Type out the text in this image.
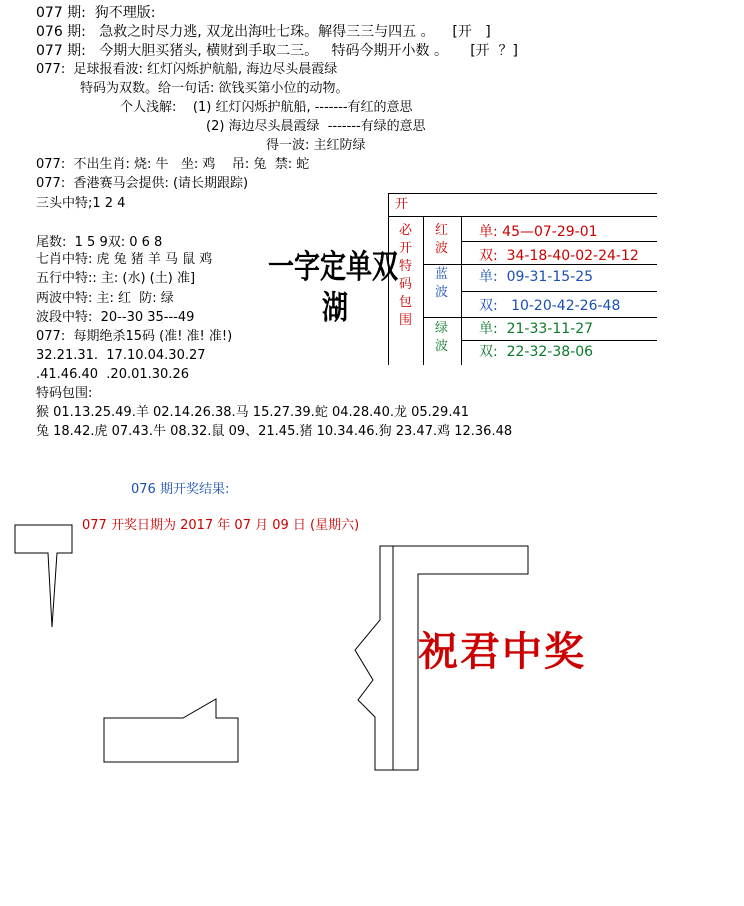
077 期:  狗不理版:
076 期:   急救之时尽力逃, 双龙出海吐七珠。解得三三与四五 。    [开   ]
077 期:   今期大胆买猪头, 横财到手取二三。   特码今期开小数 。     [开  ？]
077:  足球报看波: 红灯闪烁护航船, 海边尽头晨霞绿
特码为双数。给一句话: 欲钱买第小位的动物。
个人浅解:    (1) 红灯闪烁护航船, -------有红的意思
(2) 海边尽头晨霞绿  -------有绿的意思
得一波: 主红防绿
077:  不出生肖: 烧: 牛   坐: 鸡    吊: 兔  禁: 蛇
077:  香港赛马会提供: (请长期跟踪)
三头中特;1 2 4
尾数:  1 5 9双: 0 6 8
七肖中特: 虎 兔 猪 羊 马 鼠 鸡
五行中特:: 主: (水) (土) 准]
两波中特: 主: 红  防: 绿
波段中特:  20--30 35---49
077:  每期绝杀15码 (准! 准! 准!)
32.21.31.  17.10.04.30.27
.41.46.40  .20.01.30.26
特码包围:
猴 01.13.25.49.羊 02.14.26.38.马 15.27.39.蛇 04.28.40.龙 05.29.41
兔 18.42.虎 07.43.牛 08.32.鼠 09、21.45.猪 10.34.46.狗 23.47.鸡 12.36.48
一字定单双
湖
开
必开特码包围
红波
蓝波
绿波
单: 45—07-29-01
双:  34-18-40-02-24-12
单:  09-31-15-25
双:   10-20-42-26-48
单:  21-33-11-27
双:  22-32-38-06
076 期开奖结果:
077 开奖日期为 2017 年 07 月 09 日 (星期六)
祝君中奖
